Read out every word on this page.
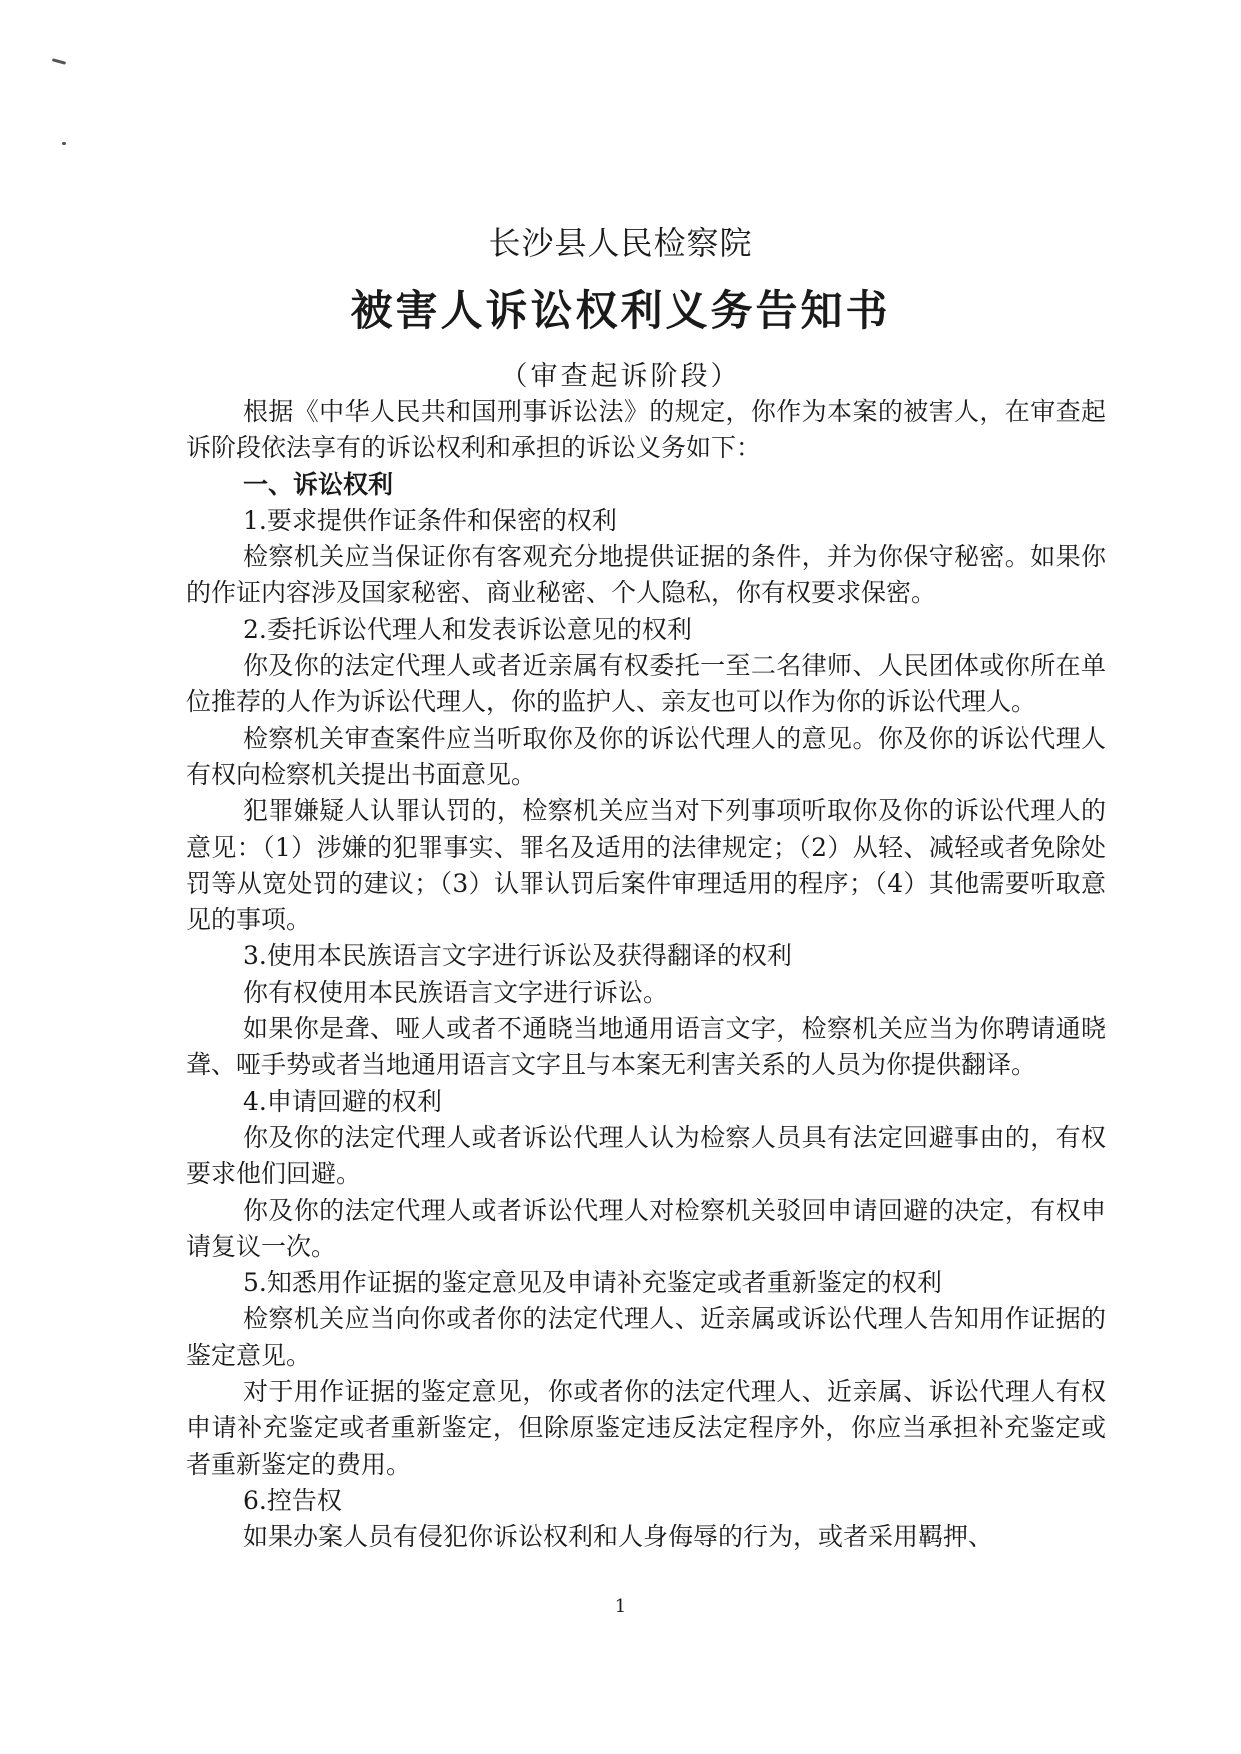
长沙县人民检察院
被害人诉讼权利义务告知书

（审查起诉阶段）

根据《中华人民共和国刑事诉讼法》的规定，你作为本案的被害人，在审查起诉阶段依法享有的诉讼权利和承担的诉讼义务如下：

一、诉讼权利

1.要求提供作证条件和保密的权利

检察机关应当保证你有客观充分地提供证据的条件，并为你保守秘密。如果你的作证内容涉及国家秘密、商业秘密、个人隐私，你有权要求保密。

2.委托诉讼代理人和发表诉讼意见的权利

你及你的法定代理人或者近亲属有权委托一至二名律师、人民团体或你所在单位推荐的人作为诉讼代理人，你的监护人、亲友也可以作为你的诉讼代理人。

检察机关审查案件应当听取你及你的诉讼代理人的意见。你及你的诉讼代理人有权向检察机关提出书面意见。

犯罪嫌疑人认罪认罚的，检察机关应当对下列事项听取你及你的诉讼代理人的意见：（1）涉嫌的犯罪事实、罪名及适用的法律规定；（2）从轻、减轻或者免除处罚等从宽处罚的建议；（3）认罪认罚后案件审理适用的程序；（4）其他需要听取意见的事项。

3.使用本民族语言文字进行诉讼及获得翻译的权利

你有权使用本民族语言文字进行诉讼。

如果你是聋、哑人或者不通晓当地通用语言文字，检察机关应当为你聘请通晓聋、哑手势或者当地通用语言文字且与本案无利害关系的人员为你提供翻译。

4.申请回避的权利

你及你的法定代理人或者诉讼代理人认为检察人员具有法定回避事由的，有权要求他们回避。

你及你的法定代理人或者诉讼代理人对检察机关驳回申请回避的决定，有权申请复议一次。

5.知悉用作证据的鉴定意见及申请补充鉴定或者重新鉴定的权利

检察机关应当向你或者你的法定代理人、近亲属或诉讼代理人告知用作证据的鉴定意见。

对于用作证据的鉴定意见，你或者你的法定代理人、近亲属、诉讼代理人有权申请补充鉴定或者重新鉴定，但除原鉴定违反法定程序外，你应当承担补充鉴定或者重新鉴定的费用。

6.控告权

如果办案人员有侵犯你诉讼权利和人身侮辱的行为，或者采用羁押、

1
